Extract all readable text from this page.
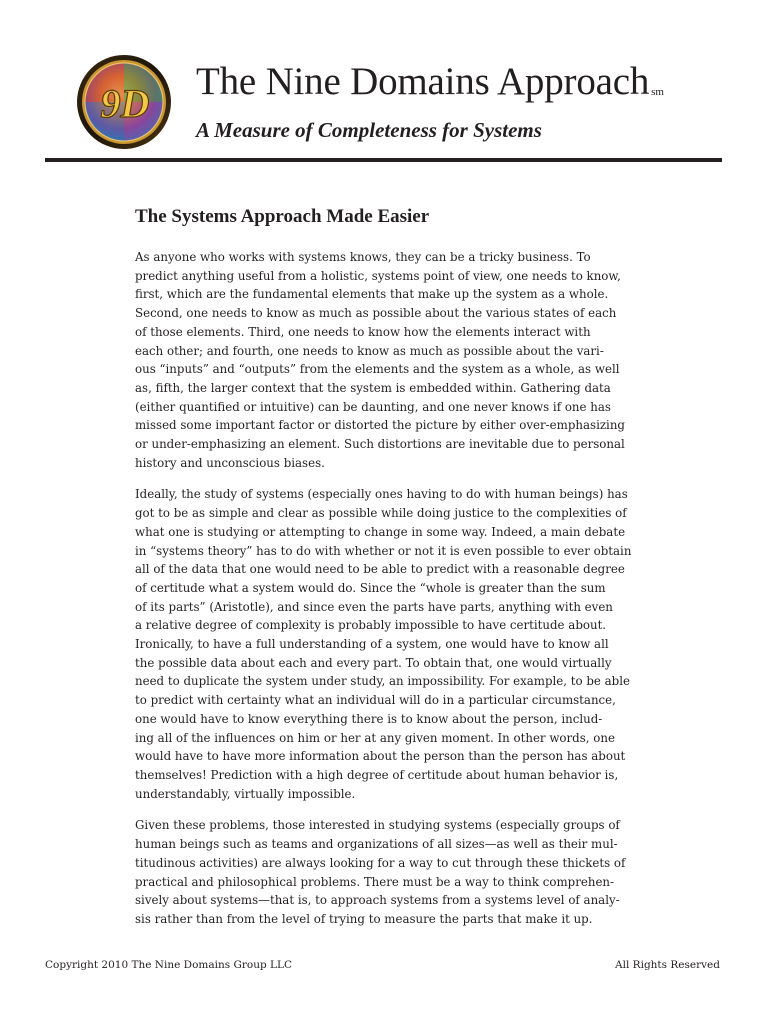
9D The Nine Domains Approach $^{sm}$
A Measure of Completeness for Systems
The Systems Approach Made Easier
As anyone who works with systems knows, they can be a tricky business. To
predict anything useful from a holistic, systems point of view, one needs to know,
first, which are the fundamental elements that make up the system as a whole.
Second, one needs to know as much as possible about the various states of each
of those elements. Third, one needs to know how the elements interact with
each other; and fourth, one needs to know as much as possible about the vari-
ous “inputs” and “outputs” from the elements and the system as a whole, as well
as, fifth, the larger context that the system is embedded within. Gathering data
(either quantified or intuitive) can be daunting, and one never knows if one has
missed some important factor or distorted the picture by either over-emphasizing
or under-emphasizing an element. Such distortions are inevitable due to personal
history and unconscious biases.
Ideally, the study of systems (especially ones having to do with human beings) has
got to be as simple and clear as possible while doing justice to the complexities of
what one is studying or attempting to change in some way. Indeed, a main debate
in “systems theory” has to do with whether or not it is even possible to ever obtain
all of the data that one would need to be able to predict with a reasonable degree
of certitude what a system would do. Since the “whole is greater than the sum
of its parts” (Aristotle), and since even the parts have parts, anything with even
a relative degree of complexity is probably impossible to have certitude about.
Ironically, to have a full understanding of a system, one would have to know all
the possible data about each and every part. To obtain that, one would virtually
need to duplicate the system under study, an impossibility. For example, to be able
to predict with certainty what an individual will do in a particular circumstance,
one would have to know everything there is to know about the person, includ-
ing all of the influences on him or her at any given moment. In other words, one
would have to have more information about the person than the person has about
themselves! Prediction with a high degree of certitude about human behavior is,
understandably, virtually impossible.
Given these problems, those interested in studying systems (especially groups of
human beings such as teams and organizations of all sizes—as well as their mul-
titudinous activities) are always looking for a way to cut through these thickets of
practical and philosophical problems. There must be a way to think comprehen-
sively about systems—that is, to approach systems from a systems level of analy-
sis rather than from the level of trying to measure the parts that make it up.
Copyright 2010 The Nine Domains Group LLC	All Rights Reserved
